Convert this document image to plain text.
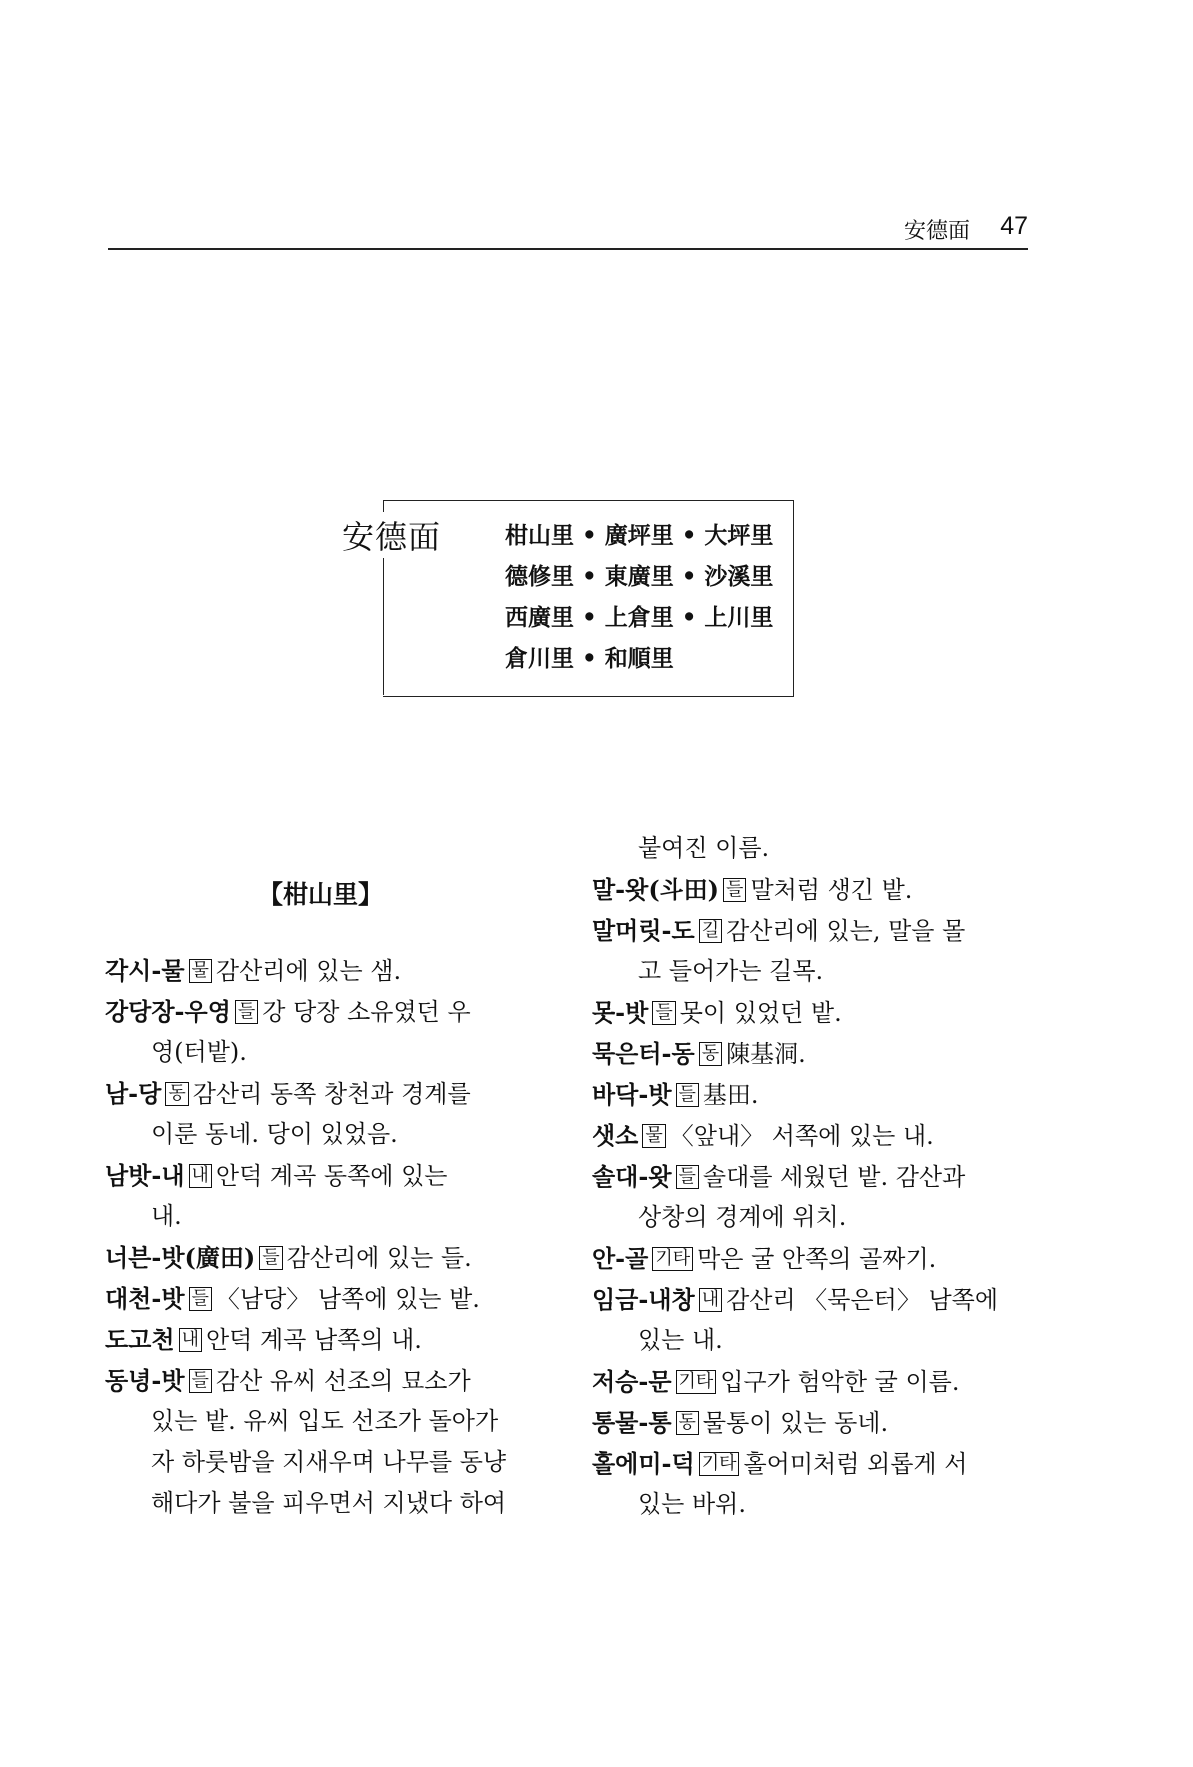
安德面 47
安德面	柑山里 • 廣坪里 • 大坪里
德修里 • 東廣里 • 沙溪里
西廣里 • 上倉里 • 上川里
倉川里 • 和順里
【柑山里】
각시-물 물 감산리에 있는 샘.
강당장-우영 들 강 당장 소유였던 우
영(터밭).
남-당 동 감산리 동쪽 창천과 경계를
이룬 동네. 당이 있었음.
남밧-내 내 안덕 계곡 동쪽에 있는
내.
너븐-밧(廣田) 들 감산리에 있는 들.
대천-밧 들 〈남당〉 남쪽에 있는 밭.
도고천 내 안덕 계곡 남쪽의 내.
동녕-밧 들 감산 유씨 선조의 묘소가
있는 밭. 유씨 입도 선조가 돌아가
자 하룻밤을 지새우며 나무를 동냥
해다가 불을 피우면서 지냈다 하여
붙여진 이름.
말-왓(斗田) 들 말처럼 생긴 밭.
말머릿-도 길 감산리에 있는, 말을 몰
고 들어가는 길목.
못-밧 들 못이 있었던 밭.
묵은터-동 동 陳基洞.
바닥-밧 들 基田.
샛소 물 〈앞내〉 서쪽에 있는 내.
솔대-왓 들 솔대를 세웠던 밭. 감산과
상창의 경계에 위치.
안-골 기타 막은 굴 안쪽의 골짜기.
임금-내창 내 감산리 〈묵은터〉 남쪽에
있는 내.
저승-문 기타 입구가 험악한 굴 이름.
통물-통 동 물통이 있는 동네.
홀에미-덕 기타 홀어미처럼 외롭게 서
있는 바위.
